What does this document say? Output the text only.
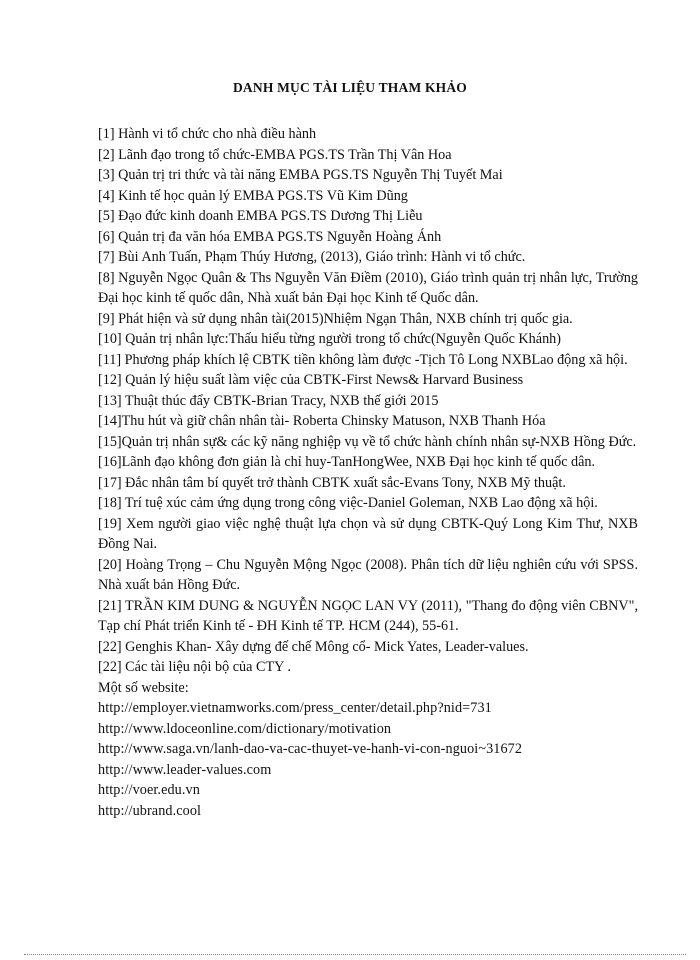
DANH MỤC TÀI LIỆU THAM KHẢO
[1] Hành vi tổ chức cho nhà điều hành
[2] Lãnh đạo trong tổ chức-EMBA PGS.TS Trần Thị Vân Hoa
[3] Quản trị tri thức và tài năng EMBA PGS.TS Nguyễn Thị Tuyết Mai
[4] Kinh tế học quản lý EMBA PGS.TS Vũ Kim Dũng
[5] Đạo đức kinh doanh EMBA PGS.TS Dương Thị Liễu
[6] Quản trị đa văn hóa EMBA PGS.TS Nguyễn Hoàng Ánh
[7] Bùi Anh Tuấn, Phạm Thúy Hương, (2013), Giáo trình: Hành vi tổ chức.
[8] Nguyễn Ngọc Quân & Ths Nguyễn Văn Điềm (2010), Giáo trình quản trị nhân lực, Trường Đại học kinh tế quốc dân, Nhà xuất bản Đại học Kinh tế Quốc dân.
[9] Phát hiện và sử dụng nhân tài(2015)Nhiệm Ngạn Thân, NXB chính trị quốc gia.
[10] Quản trị nhân lực:Thấu hiểu từng người trong tổ chức(Nguyễn Quốc Khánh)
[11] Phương pháp khích lệ CBTK tiền không làm được -Tịch Tô Long NXBLao động xã hội.
[12] Quản lý hiệu suất làm việc của CBTK-First News& Harvard Business
[13] Thuật thúc đẩy CBTK-Brian Tracy, NXB thế giới 2015
[14]Thu hút và giữ chân nhân tài- Roberta Chinsky Matuson, NXB Thanh Hóa
[15]Quản trị nhân sự& các kỹ năng nghiệp vụ về tổ chức hành chính nhân sự-NXB Hồng Đức.
[16]Lãnh đạo không đơn giản là chỉ huy-TanHongWee, NXB Đại học kinh tế quốc dân.
[17] Đắc nhân tâm bí quyết trở thành CBTK xuất sắc-Evans Tony, NXB Mỹ thuật.
[18] Trí tuệ xúc cảm ứng dụng trong công việc-Daniel Goleman, NXB Lao động xã hội.
[19] Xem người giao việc nghệ thuật lựa chọn và sử dụng CBTK-Quý Long Kim Thư, NXB Đồng Nai.
[20] Hoàng Trọng – Chu Nguyễn Mộng Ngọc (2008). Phân tích dữ liệu nghiên cứu với SPSS. Nhà xuất bản Hồng Đức.
[21] TRẦN KIM DUNG & NGUYỄN NGỌC LAN VY (2011), "Thang đo động viên CBNV", Tạp chí Phát triển Kinh tế - ĐH Kinh tế TP. HCM (244), 55-61.
[22] Genghis Khan- Xây dựng đế chế Mông cổ- Mick Yates, Leader-values.
[22] Các tài liệu nội bộ của CTY .
Một số website:
http://employer.vietnamworks.com/press_center/detail.php?nid=731
http://www.ldoceonline.com/dictionary/motivation
http://www.saga.vn/lanh-dao-va-cac-thuyet-ve-hanh-vi-con-nguoi~31672
http://www.leader-values.com
http://voer.edu.vn
http://ubrand.cool
